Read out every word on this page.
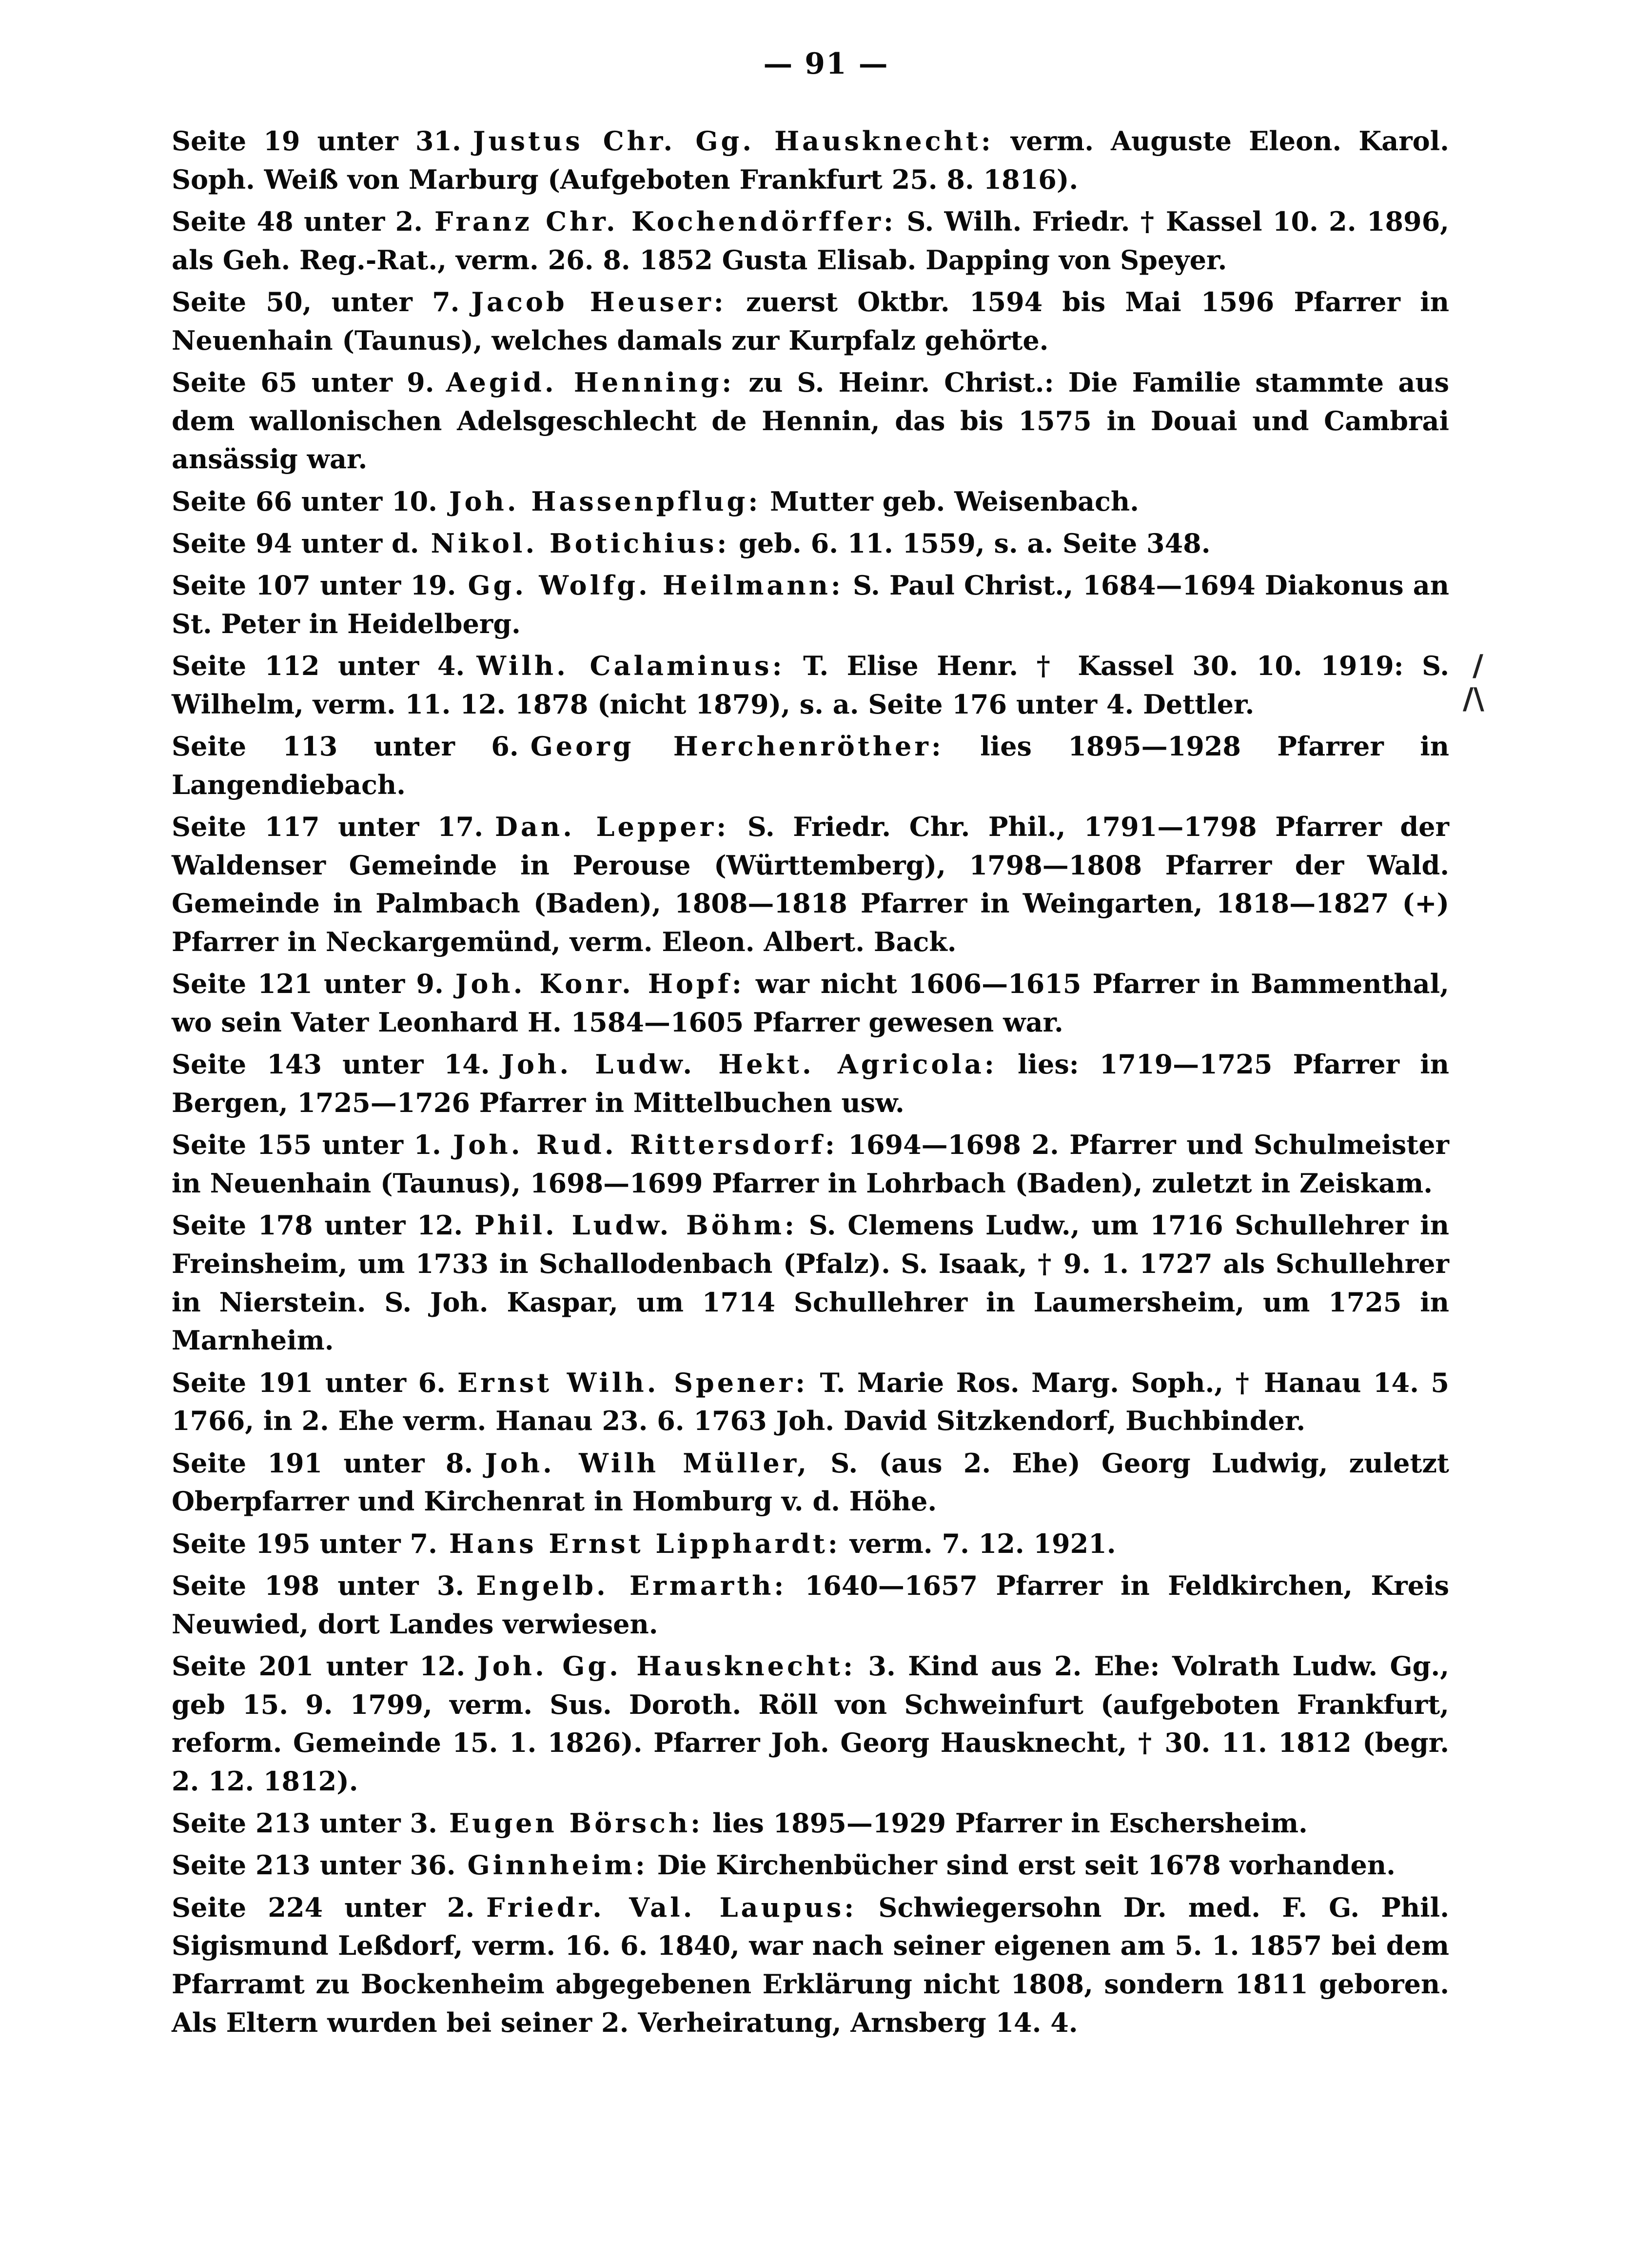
— 91 —

Seite 19 unter 31. Justus Chr. Gg. Hausknecht: verm. Auguste Eleon. Karol. Soph. Weiß von Marburg (Aufgeboten Frankfurt 25. 8. 1816).

Seite 48 unter 2. Franz Chr. Kochendörffer: S. Wilh. Friedr. † Kassel 10. 2. 1896, als Geh. Reg.-Rat., verm. 26. 8. 1852 Gusta Elisab. Dapping von Speyer.

Seite 50, unter 7. Jacob Heuser: zuerst Oktbr. 1594 bis Mai 1596 Pfarrer in Neuenhain (Taunus), welches damals zur Kurpfalz gehörte.

Seite 65 unter 9. Aegid. Henning: zu S. Heinr. Christ.: Die Familie stammte aus dem wallonischen Adelsgeschlecht de Hennin, das bis 1575 in Douai und Cambrai ansässig war.

Seite 66 unter 10. Joh. Hassenpflug: Mutter geb. Weisenbach.

Seite 94 unter d. Nikol. Botichius: geb. 6. 11. 1559, s. a. Seite 348.

Seite 107 unter 19. Gg. Wolfg. Heilmann: S. Paul Christ., 1684—1694 Diakonus an St. Peter in Heidelberg.

Seite 112 unter 4. Wilh. Calaminus: T. Elise Henr. † Kassel 30. 10. 1919: S. Wilhelm, verm. 11. 12. 1878 (nicht 1879), s. a. Seite 176 unter 4. Dettler.

Seite 113 unter 6. Georg Herchenröther: lies 1895—1928 Pfarrer in Langendiebach.

Seite 117 unter 17. Dan. Lepper: S. Friedr. Chr. Phil., 1791—1798 Pfarrer der Waldenser Gemeinde in Perouse (Württemberg), 1798—1808 Pfarrer der Wald. Gemeinde in Palmbach (Baden), 1808—1818 Pfarrer in Weingarten, 1818—1827 (+) Pfarrer in Neckargemünd, verm. Eleon. Albert. Back.

Seite 121 unter 9. Joh. Konr. Hopf: war nicht 1606—1615 Pfarrer in Bammenthal, wo sein Vater Leonhard H. 1584—1605 Pfarrer gewesen war.

Seite 143 unter 14. Joh. Ludw. Hekt. Agricola: lies: 1719—1725 Pfarrer in Bergen, 1725—1726 Pfarrer in Mittelbuchen usw.

Seite 155 unter 1. Joh. Rud. Rittersdorf: 1694—1698 2. Pfarrer und Schulmeister in Neuenhain (Taunus), 1698—1699 Pfarrer in Lohrbach (Baden), zuletzt in Zeiskam.

Seite 178 unter 12. Phil. Ludw. Böhm: S. Clemens Ludw., um 1716 Schullehrer in Freinsheim, um 1733 in Schallodenbach (Pfalz). S. Isaak, † 9. 1. 1727 als Schullehrer in Nierstein. S. Joh. Kaspar, um 1714 Schullehrer in Laumersheim, um 1725 in Marnheim.

Seite 191 unter 6. Ernst Wilh. Spener: T. Marie Ros. Marg. Soph., † Hanau 14. 5 1766, in 2. Ehe verm. Hanau 23. 6. 1763 Joh. David Sitzkendorf, Buchbinder.

Seite 191 unter 8. Joh. Wilh Müller, S. (aus 2. Ehe) Georg Ludwig, zuletzt Oberpfarrer und Kirchenrat in Homburg v. d. Höhe.

Seite 195 unter 7. Hans Ernst Lipphardt: verm. 7. 12. 1921.

Seite 198 unter 3. Engelb. Ermarth: 1640—1657 Pfarrer in Feldkirchen, Kreis Neuwied, dort Landes verwiesen.

Seite 201 unter 12. Joh. Gg. Hausknecht: 3. Kind aus 2. Ehe: Volrath Ludw. Gg., geb 15. 9. 1799, verm. Sus. Doroth. Röll von Schweinfurt (aufgeboten Frankfurt, reform. Gemeinde 15. 1. 1826). Pfarrer Joh. Georg Hausknecht, † 30. 11. 1812 (begr. 2. 12. 1812).

Seite 213 unter 3. Eugen Börsch: lies 1895—1929 Pfarrer in Eschersheim.

Seite 213 unter 36. Ginnheim: Die Kirchenbücher sind erst seit 1678 vorhanden.

Seite 224 unter 2. Friedr. Val. Laupus: Schwiegersohn Dr. med. F. G. Phil. Sigismund Leßdorf, verm. 16. 6. 1840, war nach seiner eigenen am 5. 1. 1857 bei dem Pfarramt zu Bockenheim abgegebenen Erklärung nicht 1808, sondern 1811 geboren. Als Eltern wurden bei seiner 2. Verheiratung, Arnsberg 14. 4.

/
/\
